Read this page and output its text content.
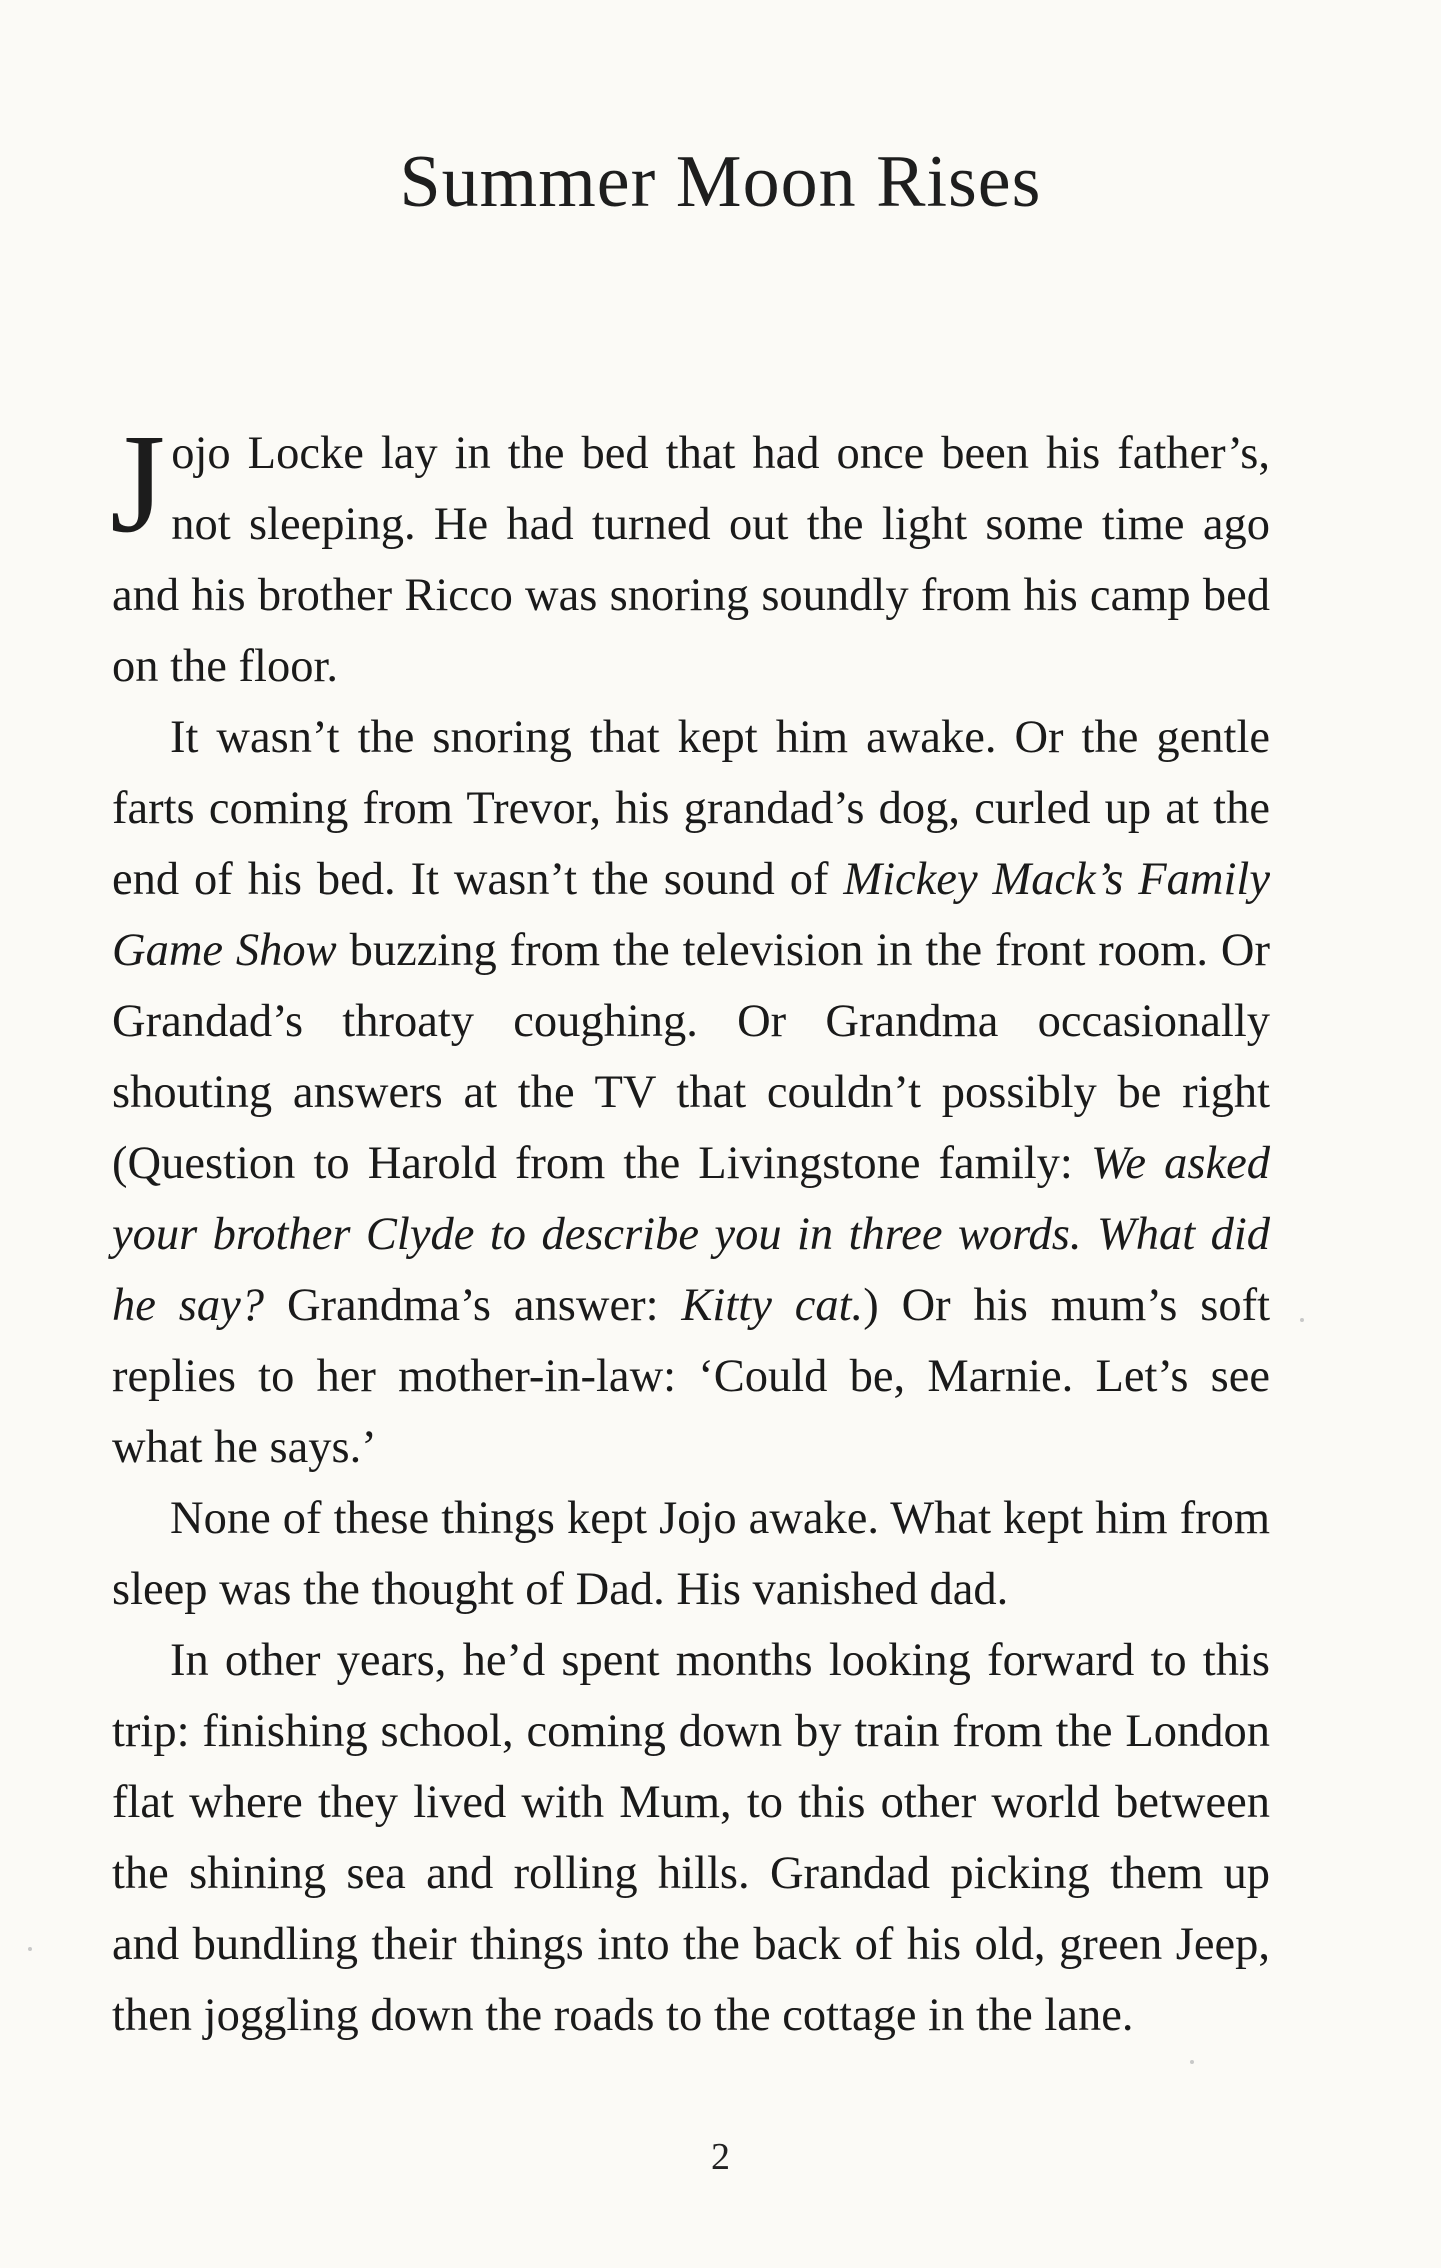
Summer Moon Rises

Jojo Locke lay in the bed that had once been his father’s, not sleeping. He had turned out the light some time ago and his brother Ricco was snoring soundly from his camp bed on the floor.

It wasn’t the snoring that kept him awake. Or the gentle farts coming from Trevor, his grandad’s dog, curled up at the end of his bed. It wasn’t the sound of Mickey Mack’s Family Game Show buzzing from the television in the front room. Or Grandad’s throaty coughing. Or Grandma occasionally shouting answers at the TV that couldn’t possibly be right (Question to Harold from the Livingstone family: We asked your brother Clyde to describe you in three words. What did he say? Grandma’s answer: Kitty cat.) Or his mum’s soft replies to her mother-in-law: ‘Could be, Marnie. Let’s see what he says.’

None of these things kept Jojo awake. What kept him from sleep was the thought of Dad. His vanished dad.

In other years, he’d spent months looking forward to this trip: finishing school, coming down by train from the London flat where they lived with Mum, to this other world between the shining sea and rolling hills. Grandad picking them up and bundling their things into the back of his old, green Jeep, then joggling down the roads to the cottage in the lane.

2
